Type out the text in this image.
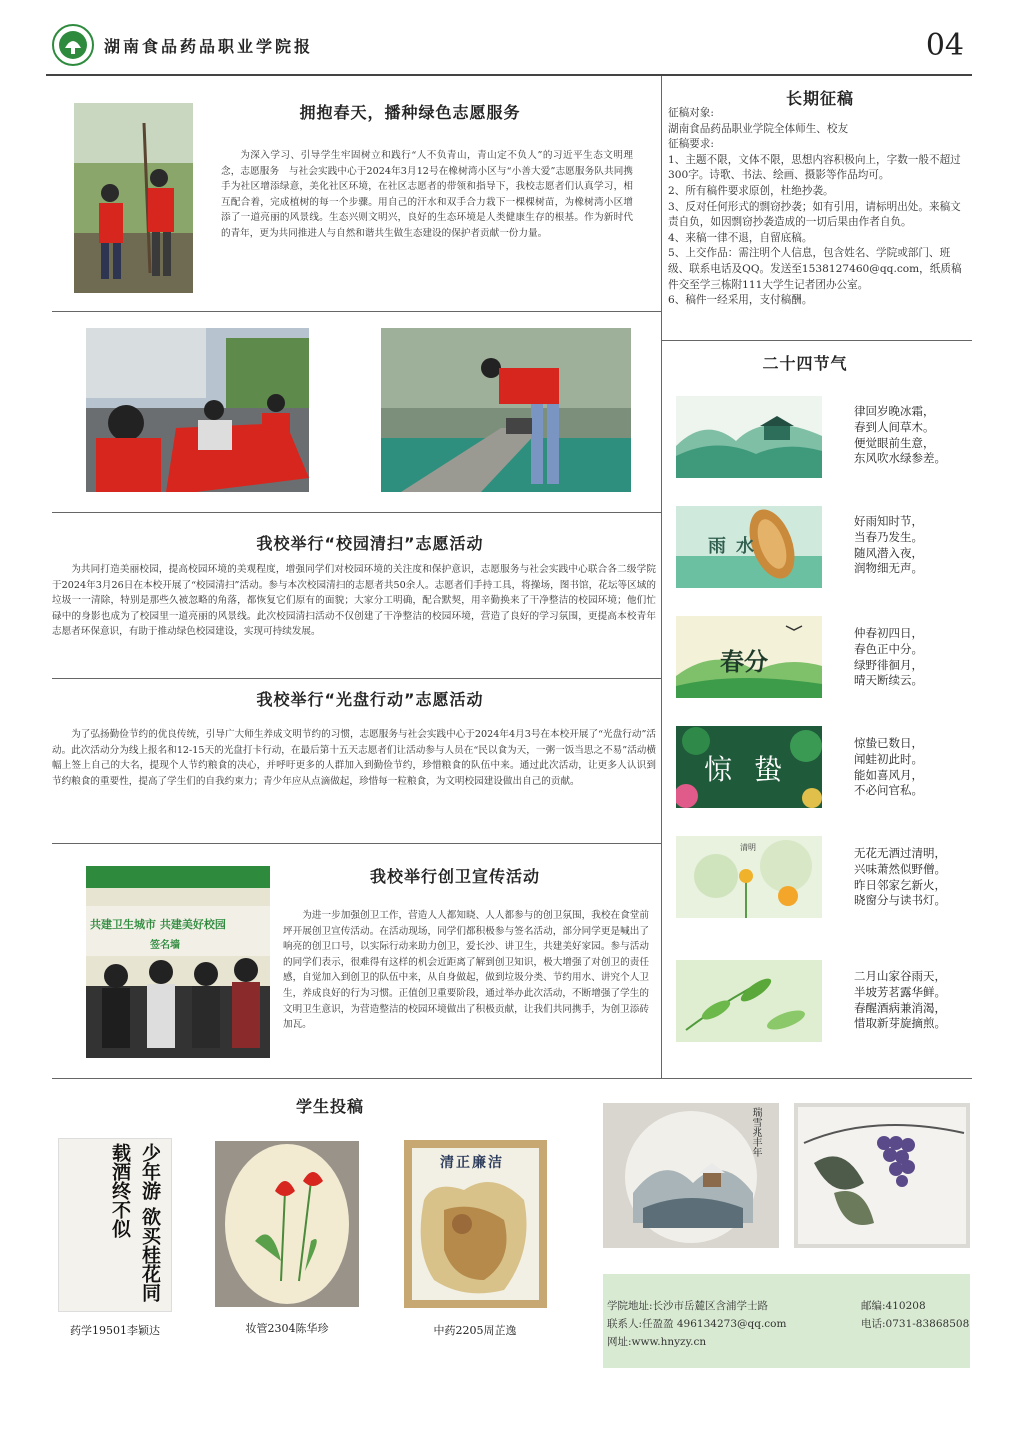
湖南食品药品职业学院报	04
拥抱春天，播种绿色志愿服务

为深入学习、引导学生牢固树立和践行“人不负青山，青山定不负人”的习近平生态文明理念，志愿服务　与社会实践中心于2024年3月12号在橡树湾小区与“小善大爱”志愿服务队共同携手为社区增添绿意，美化社区环境，在社区志愿者的带领和指导下，我校志愿者们认真学习，相互配合着，完成植树的每一个步骤。用自己的汗水和双手合力栽下一棵棵树苗，为橡树湾小区增添了一道亮丽的风景线。生态兴则文明兴，良好的生态环境是人类健康生存的根基。作为新时代的青年，更为共同推进人与自然和谐共生做生态建设的保护者贡献一份力量。

我校举行“校园清扫”志愿活动

为共同打造美丽校园，提高校园环境的美观程度，增强同学们对校园环境的关注度和保护意识，志愿服务与社会实践中心联合各二级学院于2024年3月26日在本校开展了“校园清扫”活动。参与本次校园清扫的志愿者共50余人。志愿者们手持工具，将操场，图书馆，花坛等区域的垃圾一一清除，特别是那些久被忽略的角落，都恢复它们原有的面貌；大家分工明确，配合默契，用辛勤换来了干净整洁的校园环境；他们忙碌中的身影也成为了校园里一道亮丽的风景线。此次校园清扫活动不仅创建了干净整洁的校园环境，营造了良好的学习氛围，更提高本校青年志愿者环保意识，有助于推动绿色校园建设，实现可持续发展。

我校举行“光盘行动”志愿活动

为了弘扬勤俭节约的优良传统，引导广大师生养成文明节约的习惯，志愿服务与社会实践中心于2024年4月3号在本校开展了“光盘行动”活动。此次活动分为线上报名和12-15天的光盘打卡行动，在最后第十五天志愿者们让活动参与人员在“民以食为天，一粥一饭当思之不易”活动横幅上签上自己的大名，提现个人节约粮食的决心，并呼吁更多的人群加入到勤俭节约，珍惜粮食的队伍中来。通过此次活动，让更多人认识到节约粮食的重要性，提高了学生们的自我约束力；青少年应从点滴做起，珍惜每一粒粮食，为文明校园建设做出自己的贡献。

共建卫生城市 共建美好校园
签名墙
我校举行创卫宣传活动

为进一步加强创卫工作，营造人人都知晓、人人都参与的创卫氛围，我校在食堂前坪开展创卫宣传活动。在活动现场，同学们都积极参与签名活动，部分同学更是喊出了响亮的创卫口号，以实际行动来助力创卫，爱长沙、讲卫生，共建美好家园。参与活动的同学们表示，很难得有这样的机会近距离了解到创卫知识，极大增强了对创卫的责任感，自觉加入到创卫的队伍中来，从自身做起，做到垃圾分类、节约用水、讲究个人卫生，养成良好的行为习惯。正值创卫重要阶段，通过举办此次活动，不断增强了学生的文明卫生意识，为营造整洁的校园环境做出了积极贡献，让我们共同携手，为创卫添砖加瓦。

长期征稿

征稿对象:

湖南食品药品职业学院全体师生、校友

征稿要求:

1、主题不限，文体不限，思想内容积极向上，字数一般不超过300字。诗歌、书法、绘画、摄影等作品均可。

2、所有稿件要求原创，杜绝抄袭。

3、反对任何形式的剽窃抄袭；如有引用，请标明出处。来稿文责自负，如因剽窃抄袭造成的一切后果由作者自负。

4、来稿一律不退，自留底稿。

5、上交作品：需注明个人信息，包含姓名、学院或部门、班级、联系电话及QQ。发送至1538127460@qq.com，纸质稿件交至学三栋附111大学生记者团办公室。

6、稿件一经采用，支付稿酬。

二十四节气
律回岁晚冰霜，
春到人间草木。
便觉眼前生意，
东风吹水绿参差。
雨水
好雨知时节，
当春乃发生。
随风潜入夜，
润物细无声。
春分
仲春初四日，
春色正中分。
绿野徘徊月，
晴天断续云。
惊蛰
惊蛰已数日，
闻蛙初此时。
能如喜风月，
不必问官私。
清明	无花无酒过清明，
兴味萧然似野僧。
昨日邻家乞新火，
晓窗分与读书灯。
二月山家谷雨天，
半坡芳茗露华鲜。
春醒酒病兼消渴，
惜取新芽旋摘煎。
学生投稿
少年游 欲买桂花同载酒终不似
药学19501李颖达	妆管2304陈华珍
清正廉洁
中药2205周芷逸
瑞雪兆丰年
学院地址:长沙市岳麓区含浦学士路	邮编:410208
联系人:任盈盈 496134273@qq.com	电话:0731-83868508
网址:www.hnyzy.cn
